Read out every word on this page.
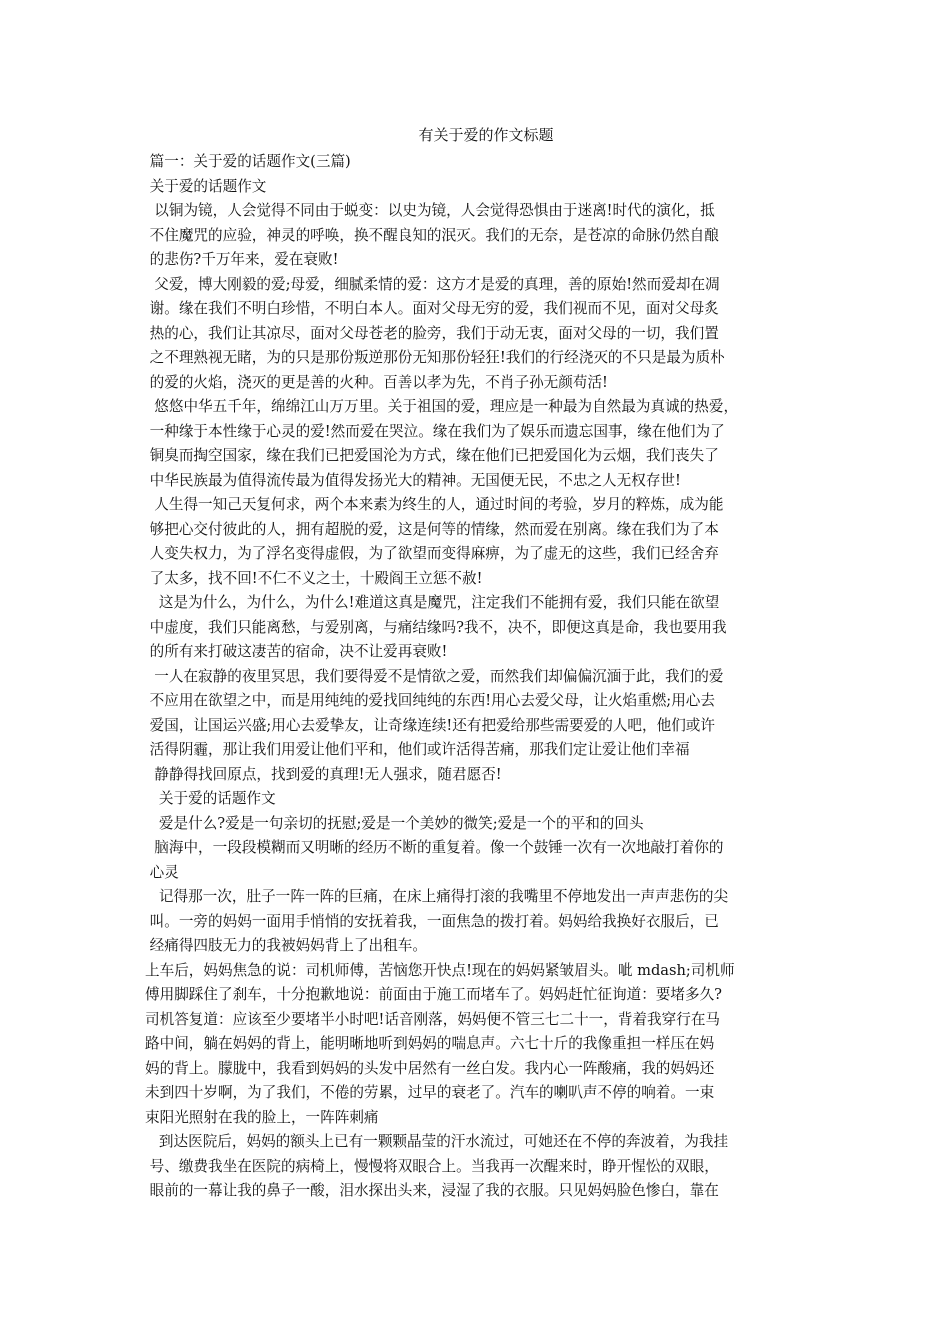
有关于爱的作文标题

篇一：关于爱的话题作文(三篇)

关于爱的话题作文

以铜为镜，人会觉得不同由于蜕变：以史为镜，人会觉得恐惧由于迷离!时代的演化，抵

不住魔咒的应验，神灵的呼唤，换不醒良知的泯灭。我们的无奈，是苍凉的命脉仍然自酿

的悲伤?千万年来，爱在衰败!

父爱，博大刚毅的爱;母爱，细腻柔情的爱：这方才是爱的真理，善的原始!然而爱却在凋

谢。缘在我们不明白珍惜，不明白本人。面对父母无穷的爱，我们视而不见，面对父母炙

热的心，我们让其凉尽，面对父母苍老的脸旁，我们于动无衷，面对父母的一切，我们置

之不理熟视无睹，为的只是那份叛逆那份无知那份轻狂!我们的行经浇灭的不只是最为质朴

的爱的火焰，浇灭的更是善的火种。百善以孝为先，不肖子孙无颜苟活!

悠悠中华五千年，绵绵江山万万里。关于祖国的爱，理应是一种最为自然最为真诚的热爱，

一种缘于本性缘于心灵的爱!然而爱在哭泣。缘在我们为了娱乐而遗忘国事，缘在他们为了

铜臭而掏空国家，缘在我们已把爱国沦为方式，缘在他们已把爱国化为云烟，我们丧失了

中华民族最为值得流传最为值得发扬光大的精神。无国便无民，不忠之人无权存世!

人生得一知己天复何求，两个本来素为终生的人，通过时间的考验，岁月的粹炼，成为能

够把心交付彼此的人，拥有超脱的爱，这是何等的情缘，然而爱在别离。缘在我们为了本

人变失权力，为了浮名变得虚假，为了欲望而变得麻痹，为了虚无的这些，我们已经舍弃

了太多，找不回!不仁不义之士，十殿阎王立惩不赦!

这是为什么，为什么，为什么!难道这真是魔咒，注定我们不能拥有爱，我们只能在欲望

中虚度，我们只能离愁，与爱别离，与痛结缘吗?我不，决不，即便这真是命，我也要用我

的所有来打破这凄苦的宿命，决不让爱再衰败!

一人在寂静的夜里冥思，我们要得爱不是情欲之爱，而然我们却偏偏沉湎于此，我们的爱

不应用在欲望之中，而是用纯纯的爱找回纯纯的东西!用心去爱父母，让火焰重燃;用心去

爱国，让国运兴盛;用心去爱挚友，让奇缘连续!还有把爱给那些需要爱的人吧，他们或许

活得阴霾，那让我们用爱让他们平和，他们或许活得苦痛，那我们定让爱让他们幸福

静静得找回原点，找到爱的真理!无人强求，随君愿否!

关于爱的话题作文

爱是什么?爱是一句亲切的抚慰;爱是一个美妙的微笑;爱是一个的平和的回头

脑海中，一段段模糊而又明晰的经历不断的重复着。像一个鼓锤一次有一次地敲打着你的

心灵

记得那一次，肚子一阵一阵的巨痛，在床上痛得打滚的我嘴里不停地发出一声声悲伤的尖

叫。一旁的妈妈一面用手悄悄的安抚着我，一面焦急的拨打着。妈妈给我换好衣服后，已

经痛得四肢无力的我被妈妈背上了出租车。

上车后，妈妈焦急的说：司机师傅，苦恼您开快点!现在的妈妈紧皱眉头。呲 mdash;司机师

傅用脚踩住了刹车，十分抱歉地说：前面由于施工而堵车了。妈妈赶忙征询道：要堵多久?

司机答复道：应该至少要堵半小时吧!话音刚落，妈妈便不管三七二十一，背着我穿行在马

路中间，躺在妈妈的背上，能明晰地听到妈妈的喘息声。六七十斤的我像重担一样压在妈

妈的背上。朦胧中，我看到妈妈的头发中居然有一丝白发。我内心一阵酸痛，我的妈妈还

未到四十岁啊，为了我们，不倦的劳累，过早的衰老了。汽车的喇叭声不停的响着。一束

束阳光照射在我的脸上，一阵阵刺痛

到达医院后，妈妈的额头上已有一颗颗晶莹的汗水流过，可她还在不停的奔波着，为我挂

号、缴费我坐在医院的病椅上，慢慢将双眼合上。当我再一次醒来时，睁开惺忪的双眼，

眼前的一幕让我的鼻子一酸，泪水探出头来，浸湿了我的衣服。只见妈妈脸色惨白，靠在
